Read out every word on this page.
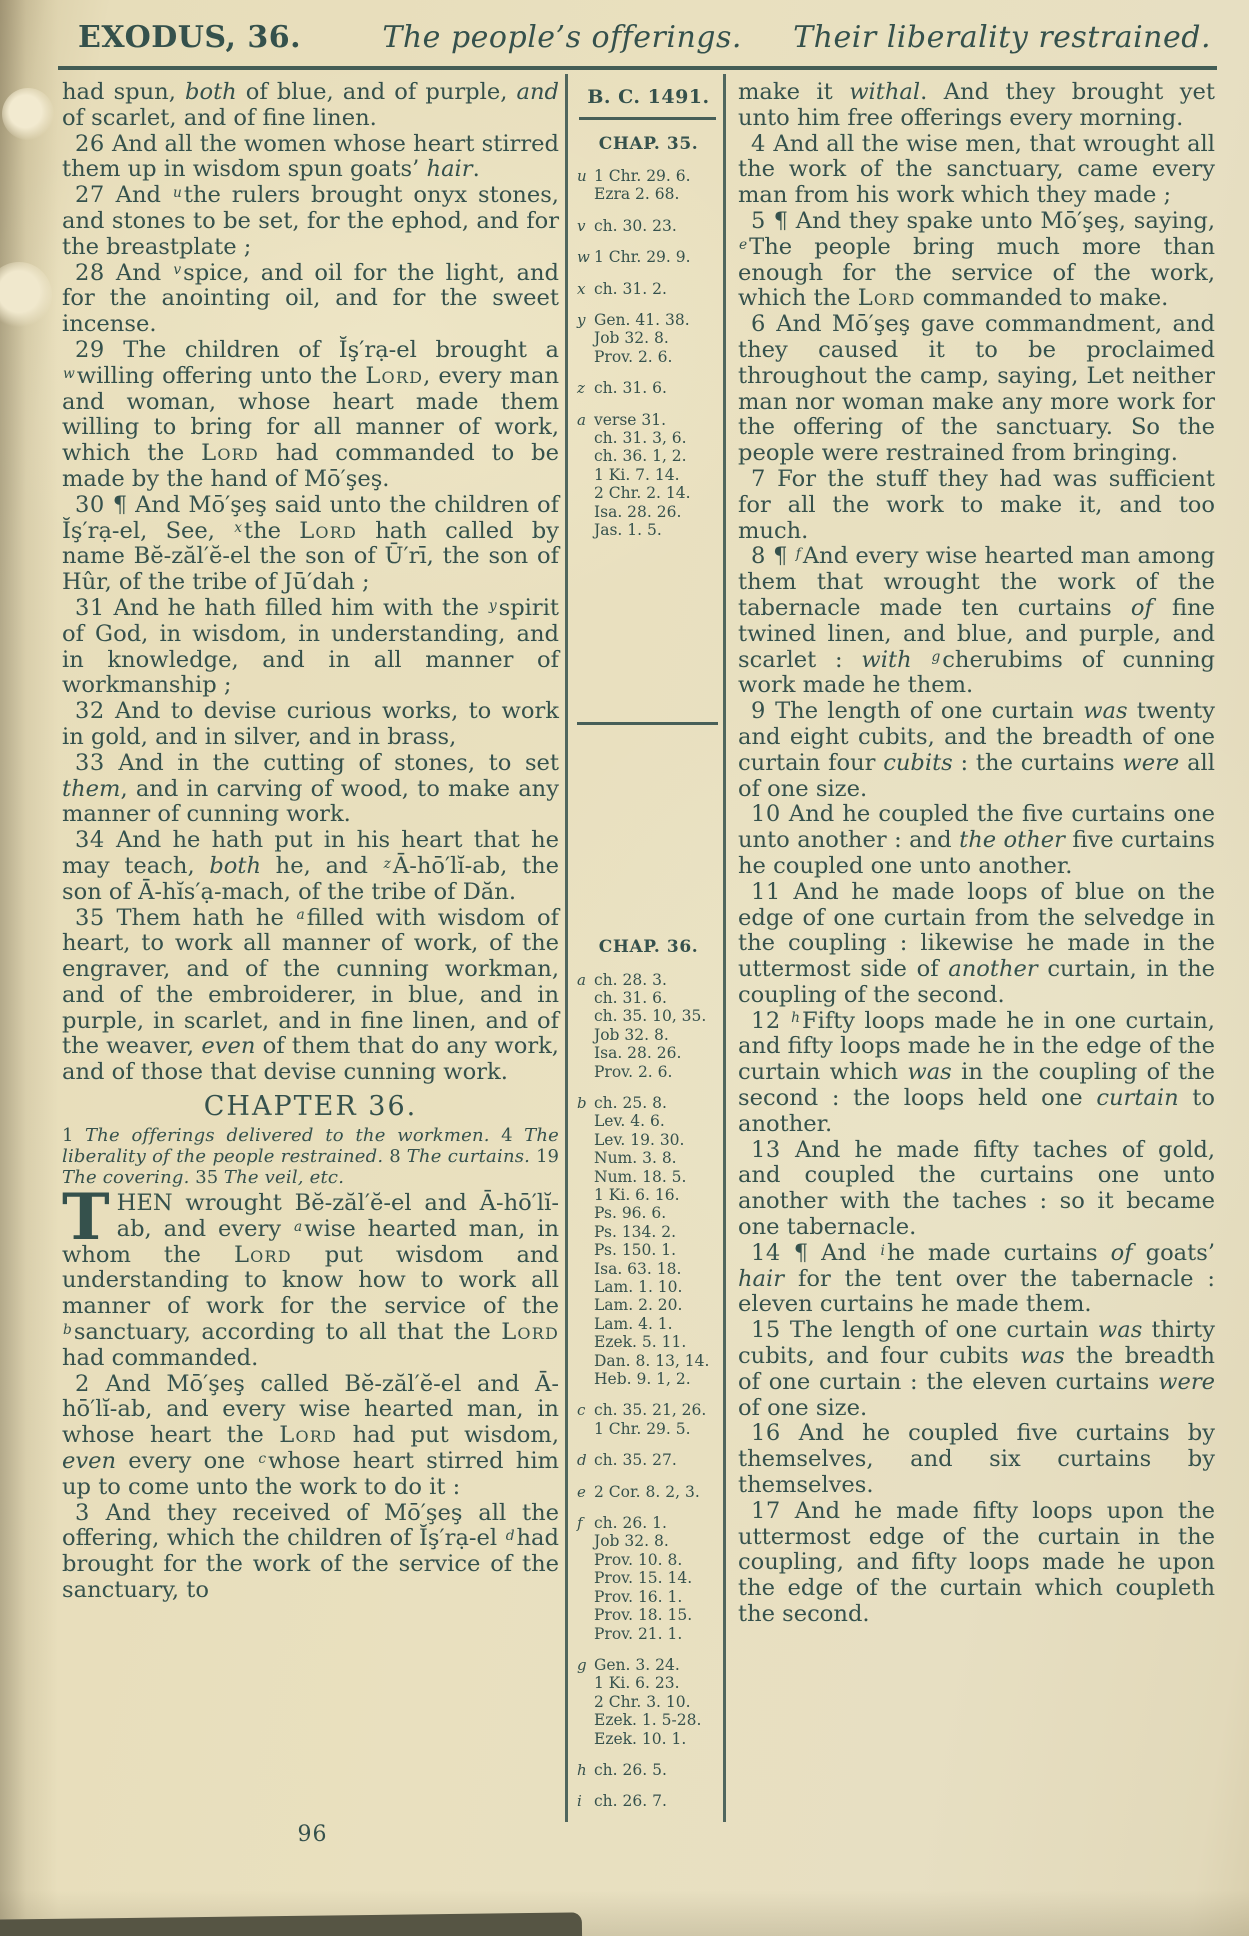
EXODUS, 36.	The people’s offerings.	Their liberality restrained.

had spun, both of blue, and of purple, and of scarlet, and of fine linen.

26 And all the women whose heart stirred them up in wisdom spun goats’ hair.

27 And $^u$the rulers brought onyx stones, and stones to be set, for the ephod, and for the breastplate ;

28 And $^v$spice, and oil for the light, and for the anointing oil, and for the sweet incense.

29 The children of Ĭş′rạ-el brought a $^w$willing offering unto the Lord, every man and woman, whose heart made them willing to bring for all manner of work, which the Lord had commanded to be made by the hand of Mō′şeş.

30 ¶ And Mō′şeş said unto the children of Ĭş′rạ-el, See, $^x$the Lord hath called by name Bĕ-zăl′ĕ-el the son of Ū′rī, the son of Hûr, of the tribe of Jū′dah ;

31 And he hath filled him with the $^y$spirit of God, in wisdom, in understanding, and in knowledge, and in all manner of workmanship ;

32 And to devise curious works, to work in gold, and in silver, and in brass,

33 And in the cutting of stones, to set them, and in carving of wood, to make any manner of cunning work.

34 And he hath put in his heart that he may teach, both he, and $^z$Ā-hō′lĭ-ab, the son of Ā-hĭs′ạ-mach, of the tribe of Dăn.

35 Them hath he $^a$filled with wisdom of heart, to work all manner of work, of the engraver, and of the cunning workman, and of the embroiderer, in blue, and in purple, in scarlet, and in fine linen, and of the weaver, even of them that do any work, and of those that devise cunning work.

CHAPTER 36.

1 The offerings delivered to the workmen. 4 The liberality of the people restrained. 8 The curtains. 19 The covering. 35 The veil, etc.

THEN wrought Bĕ-zăl′ĕ-el and Ā-hō′lĭ-ab, and every $^a$wise hearted man, in whom the Lord put wisdom and understanding to know how to work all manner of work for the service of the $^b$sanctuary, according to all that the Lord had commanded.

2 And Mō′şeş called Bĕ-zăl′ĕ-el and Ā-hō′lĭ-ab, and every wise hearted man, in whose heart the Lord had put wisdom, even every one $^c$whose heart stirred him up to come unto the work to do it :

3 And they received of Mō′şeş all the offering, which the children of Ĭş′rạ-el $^d$had brought for the work of the service of the sanctuary, to

B. C. 1491.
CHAP. 35.
u 1 Chr. 29. 6.
Ezra 2. 68.
v ch. 30. 23.
w 1 Chr. 29. 9.
x ch. 31. 2.
y Gen. 41. 38.
Job 32. 8.
Prov. 2. 6.
z ch. 31. 6.
a verse 31.
ch. 31. 3, 6.
ch. 36. 1, 2.
1 Ki. 7. 14.
2 Chr. 2. 14.
Isa. 28. 26.
Jas. 1. 5.
CHAP. 36.
a ch. 28. 3.
ch. 31. 6.
ch. 35. 10, 35.
Job 32. 8.
Isa. 28. 26.
Prov. 2. 6.
b ch. 25. 8.
Lev. 4. 6.
Lev. 19. 30.
Num. 3. 8.
Num. 18. 5.
1 Ki. 6. 16.
Ps. 96. 6.
Ps. 134. 2.
Ps. 150. 1.
Isa. 63. 18.
Lam. 1. 10.
Lam. 2. 20.
Lam. 4. 1.
Ezek. 5. 11.
Dan. 8. 13, 14.
Heb. 9. 1, 2.
c ch. 35. 21, 26.
1 Chr. 29. 5.
d ch. 35. 27.
e 2 Cor. 8. 2, 3.
f ch. 26. 1.
Job 32. 8.
Prov. 10. 8.
Prov. 15. 14.
Prov. 16. 1.
Prov. 18. 15.
Prov. 21. 1.
g Gen. 3. 24.
1 Ki. 6. 23.
2 Chr. 3. 10.
Ezek. 1. 5-28.
Ezek. 10. 1.
h ch. 26. 5.
i ch. 26. 7.

make it withal. And they brought yet unto him free offerings every morning.

4 And all the wise men, that wrought all the work of the sanctuary, came every man from his work which they made ;

5 ¶ And they spake unto Mō′şeş, saying, $^e$The people bring much more than enough for the service of the work, which the Lord commanded to make.

6 And Mō′şeş gave commandment, and they caused it to be proclaimed throughout the camp, saying, Let neither man nor woman make any more work for the offering of the sanctuary. So the people were restrained from bringing.

7 For the stuff they had was sufficient for all the work to make it, and too much.

8 ¶ $^f$And every wise hearted man among them that wrought the work of the tabernacle made ten curtains of fine twined linen, and blue, and purple, and scarlet : with $^g$cherubims of cunning work made he them.

9 The length of one curtain was twenty and eight cubits, and the breadth of one curtain four cubits : the curtains were all of one size.

10 And he coupled the five curtains one unto another : and the other five curtains he coupled one unto another.

11 And he made loops of blue on the edge of one curtain from the selvedge in the coupling : likewise he made in the uttermost side of another curtain, in the coupling of the second.

12 $^h$Fifty loops made he in one curtain, and fifty loops made he in the edge of the curtain which was in the coupling of the second : the loops held one curtain to another.

13 And he made fifty taches of gold, and coupled the curtains one unto another with the taches : so it became one tabernacle.

14 ¶ And $^i$he made curtains of goats’ hair for the tent over the tabernacle : eleven curtains he made them.

15 The length of one curtain was thirty cubits, and four cubits was the breadth of one curtain : the eleven curtains were of one size.

16 And he coupled five curtains by themselves, and six curtains by themselves.

17 And he made fifty loops upon the uttermost edge of the curtain in the coupling, and fifty loops made he upon the edge of the curtain which coupleth the second.

96
